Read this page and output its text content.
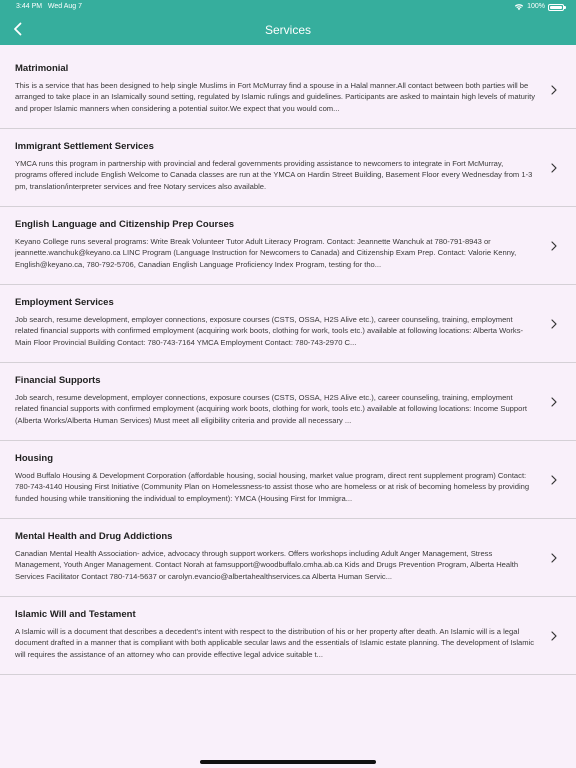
3:44 PM Wed Aug 7	100%
Services
Matrimonial
This is a service that has been designed to help single Muslims in Fort McMurray find a spouse in a Halal manner.All contact between both parties will be arranged to take place in an Islamically sound setting, regulated by Islamic rulings and guidelines. Participants are asked to maintain high levels of maturity and proper Islamic manners when considering a potential suitor.We expect that you would com...
Immigrant Settlement Services
YMCA runs this program in partnership with provincial and federal governments providing assistance to newcomers to integrate in Fort McMurray, programs offered include English Welcome to Canada classes are run at the YMCA on Hardin Street Building, Basement Floor every Wednesday from 1-3 pm, translation/interpreter services and free Notary services also available.
English Language and Citizenship Prep Courses
Keyano College runs several programs: Write Break Volunteer Tutor Adult Literacy Program. Contact: Jeannette Wanchuk at 780-791-8943 or jeannette.wanchuk@keyano.ca LINC Program (Language Instruction for Newcomers to Canada) and Citizenship Exam Prep. Contact: Valorie Kenny, English@keyano.ca, 780-792-5706, Canadian English Language Proficiency Index Program, testing for tho...
Employment Services
Job search, resume development, employer connections, exposure courses (CSTS, OSSA, H2S Alive etc.), career counseling, training, employment related financial supports with confirmed employment (acquiring work boots, clothing for work, tools etc.) available at following locations: Alberta Works-Main Floor Provincial Building Contact: 780-743-7164 YMCA Employment Contact: 780-743-2970 C...
Financial Supports
Job search, resume development, employer connections, exposure courses (CSTS, OSSA, H2S Alive etc.), career counseling, training, employment related financial supports with confirmed employment (acquiring work boots, clothing for work, tools etc.) available at following locations: Income Support (Alberta Works/Alberta Human Services) Must meet all eligibility criteria and provide all necessary ...
Housing
Wood Buffalo Housing & Development Corporation (affordable housing, social housing, market value program, direct rent supplement program) Contact: 780-743-4140 Housing First Initiative (Community Plan on Homelessness-to assist those who are homeless or at risk of becoming homeless by providing funded housing while transitioning the individual to employment): YMCA (Housing First for Immigra...
Mental Health and Drug Addictions
Canadian Mental Health Association- advice, advocacy through support workers. Offers workshops including Adult Anger Management, Stress Management, Youth Anger Management. Contact Norah at famsupport@woodbuffalo.cmha.ab.ca Kids and Drugs Prevention Program, Alberta Health Services Facilitator Contact 780-714-5637 or carolyn.evancio@albertahealthservices.ca Alberta Human Servic...
Islamic Will and Testament
A Islamic will is a document that describes a decedent's intent with respect to the distribution of his or her property after death. An Islamic will is a legal document drafted in a manner that is compliant with both applicable secular laws and the essentials of Islamic estate planning. The development of Islamic will requires the assistance of an attorney who can provide effective legal advice suitable t...
